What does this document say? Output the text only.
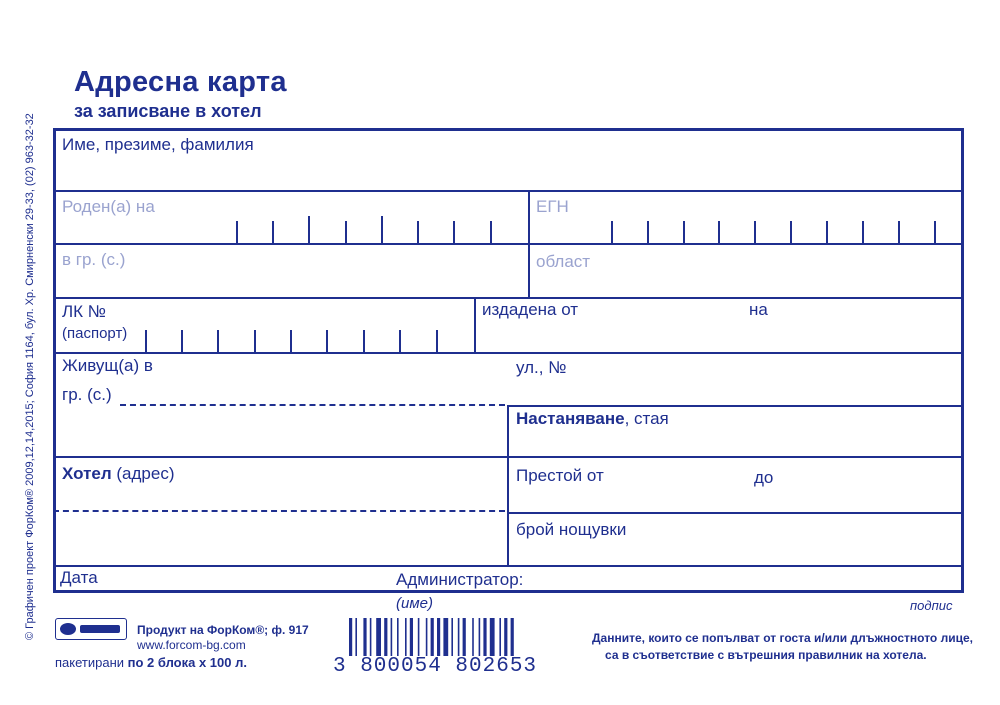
Адресна карта
за записване в хотел
© Графичен проект ФорКом® 2009,12,14,2015; София 1164, бул. Хр. Смирненски 29-33, (02) 963-32-32 Име, презиме, фамилия
Роден(а) на	ЕГН
в гр. (с.)	област
ЛК №
(паспорт)
издадена от	на
Живущ(а) в
гр. (с.)
ул., №
Настаняване, стая
Хотел (адрес)	Престой от	до
брой нощувки
Дата	Администратор:
(име)	подпис
Продукт на ФорКом®; ф. 917
www.forcom-bg.com
пакетирани по 2 блока х 100 л.	3 800054 802653
Данните, които се попълват от госта и/или длъжностното лице,
са в съответствие с вътрешния правилник на хотела.
